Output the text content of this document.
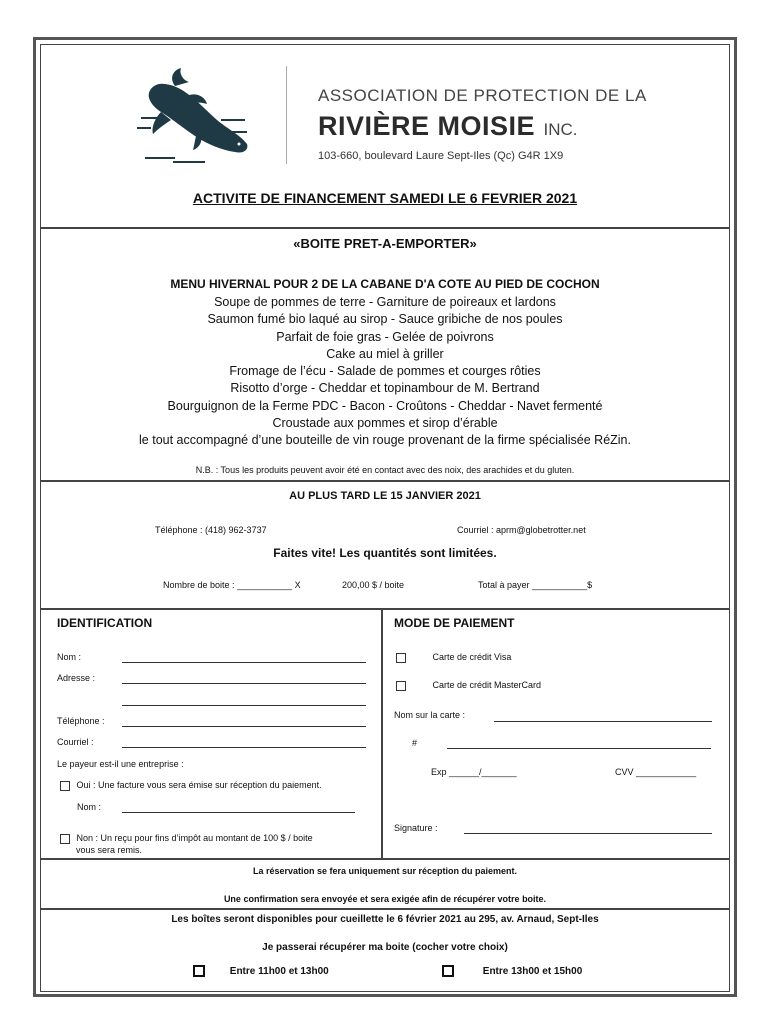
ASSOCIATION DE PROTECTION DE LA
RIVIÈRE MOISIE INC.
103-660, boulevard Laure Sept-Iles (Qc) G4R 1X9
ACTIVITE DE FINANCEMENT SAMEDI LE 6 FEVRIER 2021
«BOITE PRET-A-EMPORTER»
MENU HIVERNAL POUR 2 DE LA CABANE D'A COTE AU PIED DE COCHON
Soupe de pommes de terre - Garniture de poireaux et lardons
Saumon fumé bio laqué au sirop - Sauce gribiche de nos poules
Parfait de foie gras - Gelée de poivrons
Cake au miel à griller
Fromage de l’écu - Salade de pommes et courges rôties
Risotto d’orge - Cheddar et topinambour de M. Bertrand
Bourguignon de la Ferme PDC - Bacon - Croûtons - Cheddar - Navet fermenté
Croustade aux pommes et sirop d’érable
le tout accompagné d’une bouteille de vin rouge provenant de la firme spécialisée RéZin.
N.B. : Tous les produits peuvent avoir été en contact avec des noix, des arachides et du gluten.
AU PLUS TARD LE 15 JANVIER 2021
Téléphone : (418) 962-3737	Courriel : aprm@globetrotter.net
Faites vite! Les quantités sont limitées.
Nombre de boite : ___________ X	200,00 $ / boite	Total à payer ___________$
IDENTIFICATION
Nom :
Adresse :
Téléphone :
Courriel :
Le payeur est-il une entreprise :
Oui : Une facture vous sera émise sur réception du paiement.
Nom :
Non : Un reçu pour fins d’impôt au montant de 100 $ / boite
vous sera remis.
MODE DE PAIEMENT
Carte de crédit Visa
Carte de crédit MasterCard
Nom sur la carte :
#
Exp ______/_______	CVV ____________
Signature :
La réservation se fera uniquement sur réception du paiement.
Une confirmation sera envoyée et sera exigée afin de récupérer votre boite.
Les boîtes seront disponibles pour cueillette le 6 février 2021 au 295, av. Arnaud, Sept-Iles
Je passerai récupérer ma boite (cocher votre choix)
Entre 11h00 et 13h00	Entre 13h00 et 15h00
